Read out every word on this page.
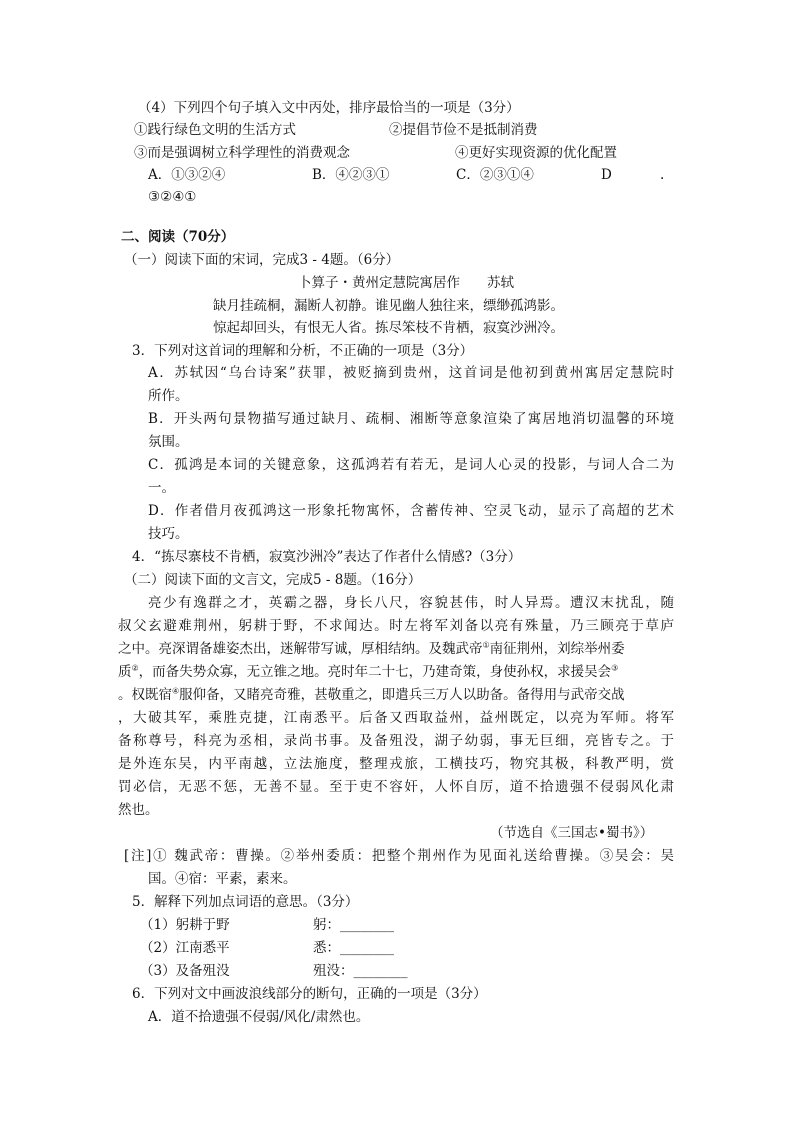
（4）下列四个句子填入文中丙处，排序最恰当的一项是（3分）
①践行绿色文明的生活方式	②提倡节俭不是抵制消费
③而是强调树立科学理性的消费观念	④更好实现资源的优化配置
A．①③②④	B．④②③①	C．②③①④	D	.
③②④①
二、阅读（70分）
（一）阅读下面的宋词，完成3 - 4题。（6分）
卜算子・黄州定慧院寓居作 苏轼
缺月挂疏桐，漏断人初静。谁见幽人独往来，缥缈孤鸿影。
惊起却回头，有恨无人省。拣尽笨枝不肯栖，寂寞沙洲冷。
3．下列对这首词的理解和分析，不正确的一项是（3分）
A．苏轼因“乌台诗案”获罪，被贬摘到贵州，这首词是他初到黄州寓居定慧院时
所作。
B．开头两句景物描写通过缺月、疏桐、湘断等意象渲染了寓居地消切温馨的环境
氛围。
C．孤鸿是本词的关键意象，这孤鸿若有若无，是词人心灵的投影，与词人合二为
一。
D．作者借月夜孤鸿这一形象托物寓怀，含蓄传神、空灵飞动，显示了高超的艺术
技巧。
4．“拣尽寨枝不肯栖，寂寞沙洲冷”表达了作者什么情感?（3分）
（二）阅读下面的文言文，完成5 - 8题。（16分）
亮少有逸群之才，英霸之器，身长八尺，容貌甚伟，时人异焉。遭汉末扰乱，随
叔父玄避难荆州，躬耕于野，不求闻达。时左将军刘备以亮有殊量，乃三顾亮于草庐
之中。亮深谓备雄姿杰出，迷解带写诚，厚相结纳。及魏武帝①南征荆州，刘综举州委
质②，而备失势众寡，无立锥之地。亮时年二十七，乃建奇策，身使孙权，求援吴会③
。权既宿④服仰备，又睹亮奇雅，甚敬重之，即遣兵三万人以助备。备得用与武帝交战
，大破其军，乘胜克捷，江南悉平。后备又西取益州，益州既定，以亮为军师。将军
备称尊号，科亮为丞相，录尚书事。及备殂没，湖子幼弱，事无巨细，亮皆专之。于
是外连东吴，内平南越，立法施度，整理戎旅，工横技巧，物究其极，科教严明，赏
罚必信，无恶不惩，无善不显。至于吏不容奸，人怀自厉，道不拾遗强不侵弱风化肃
然也。
（节选自《三国志•蜀书》）
[注]① 魏武帝：曹操。②举州委质：把整个荆州作为见面礼送给曹操。③吴会：吴
国。④宿：平素，素来。
5．解释下列加点词语的意思。（3分）
（1）躬耕于野	躬：________
（2）江南悉平	悉：________
（3）及备殂没	殂没：________
6．下列对文中画波浪线部分的断句，正确的一项是（3分）
A．道不拾遗强不侵弱/风化/肃然也。
